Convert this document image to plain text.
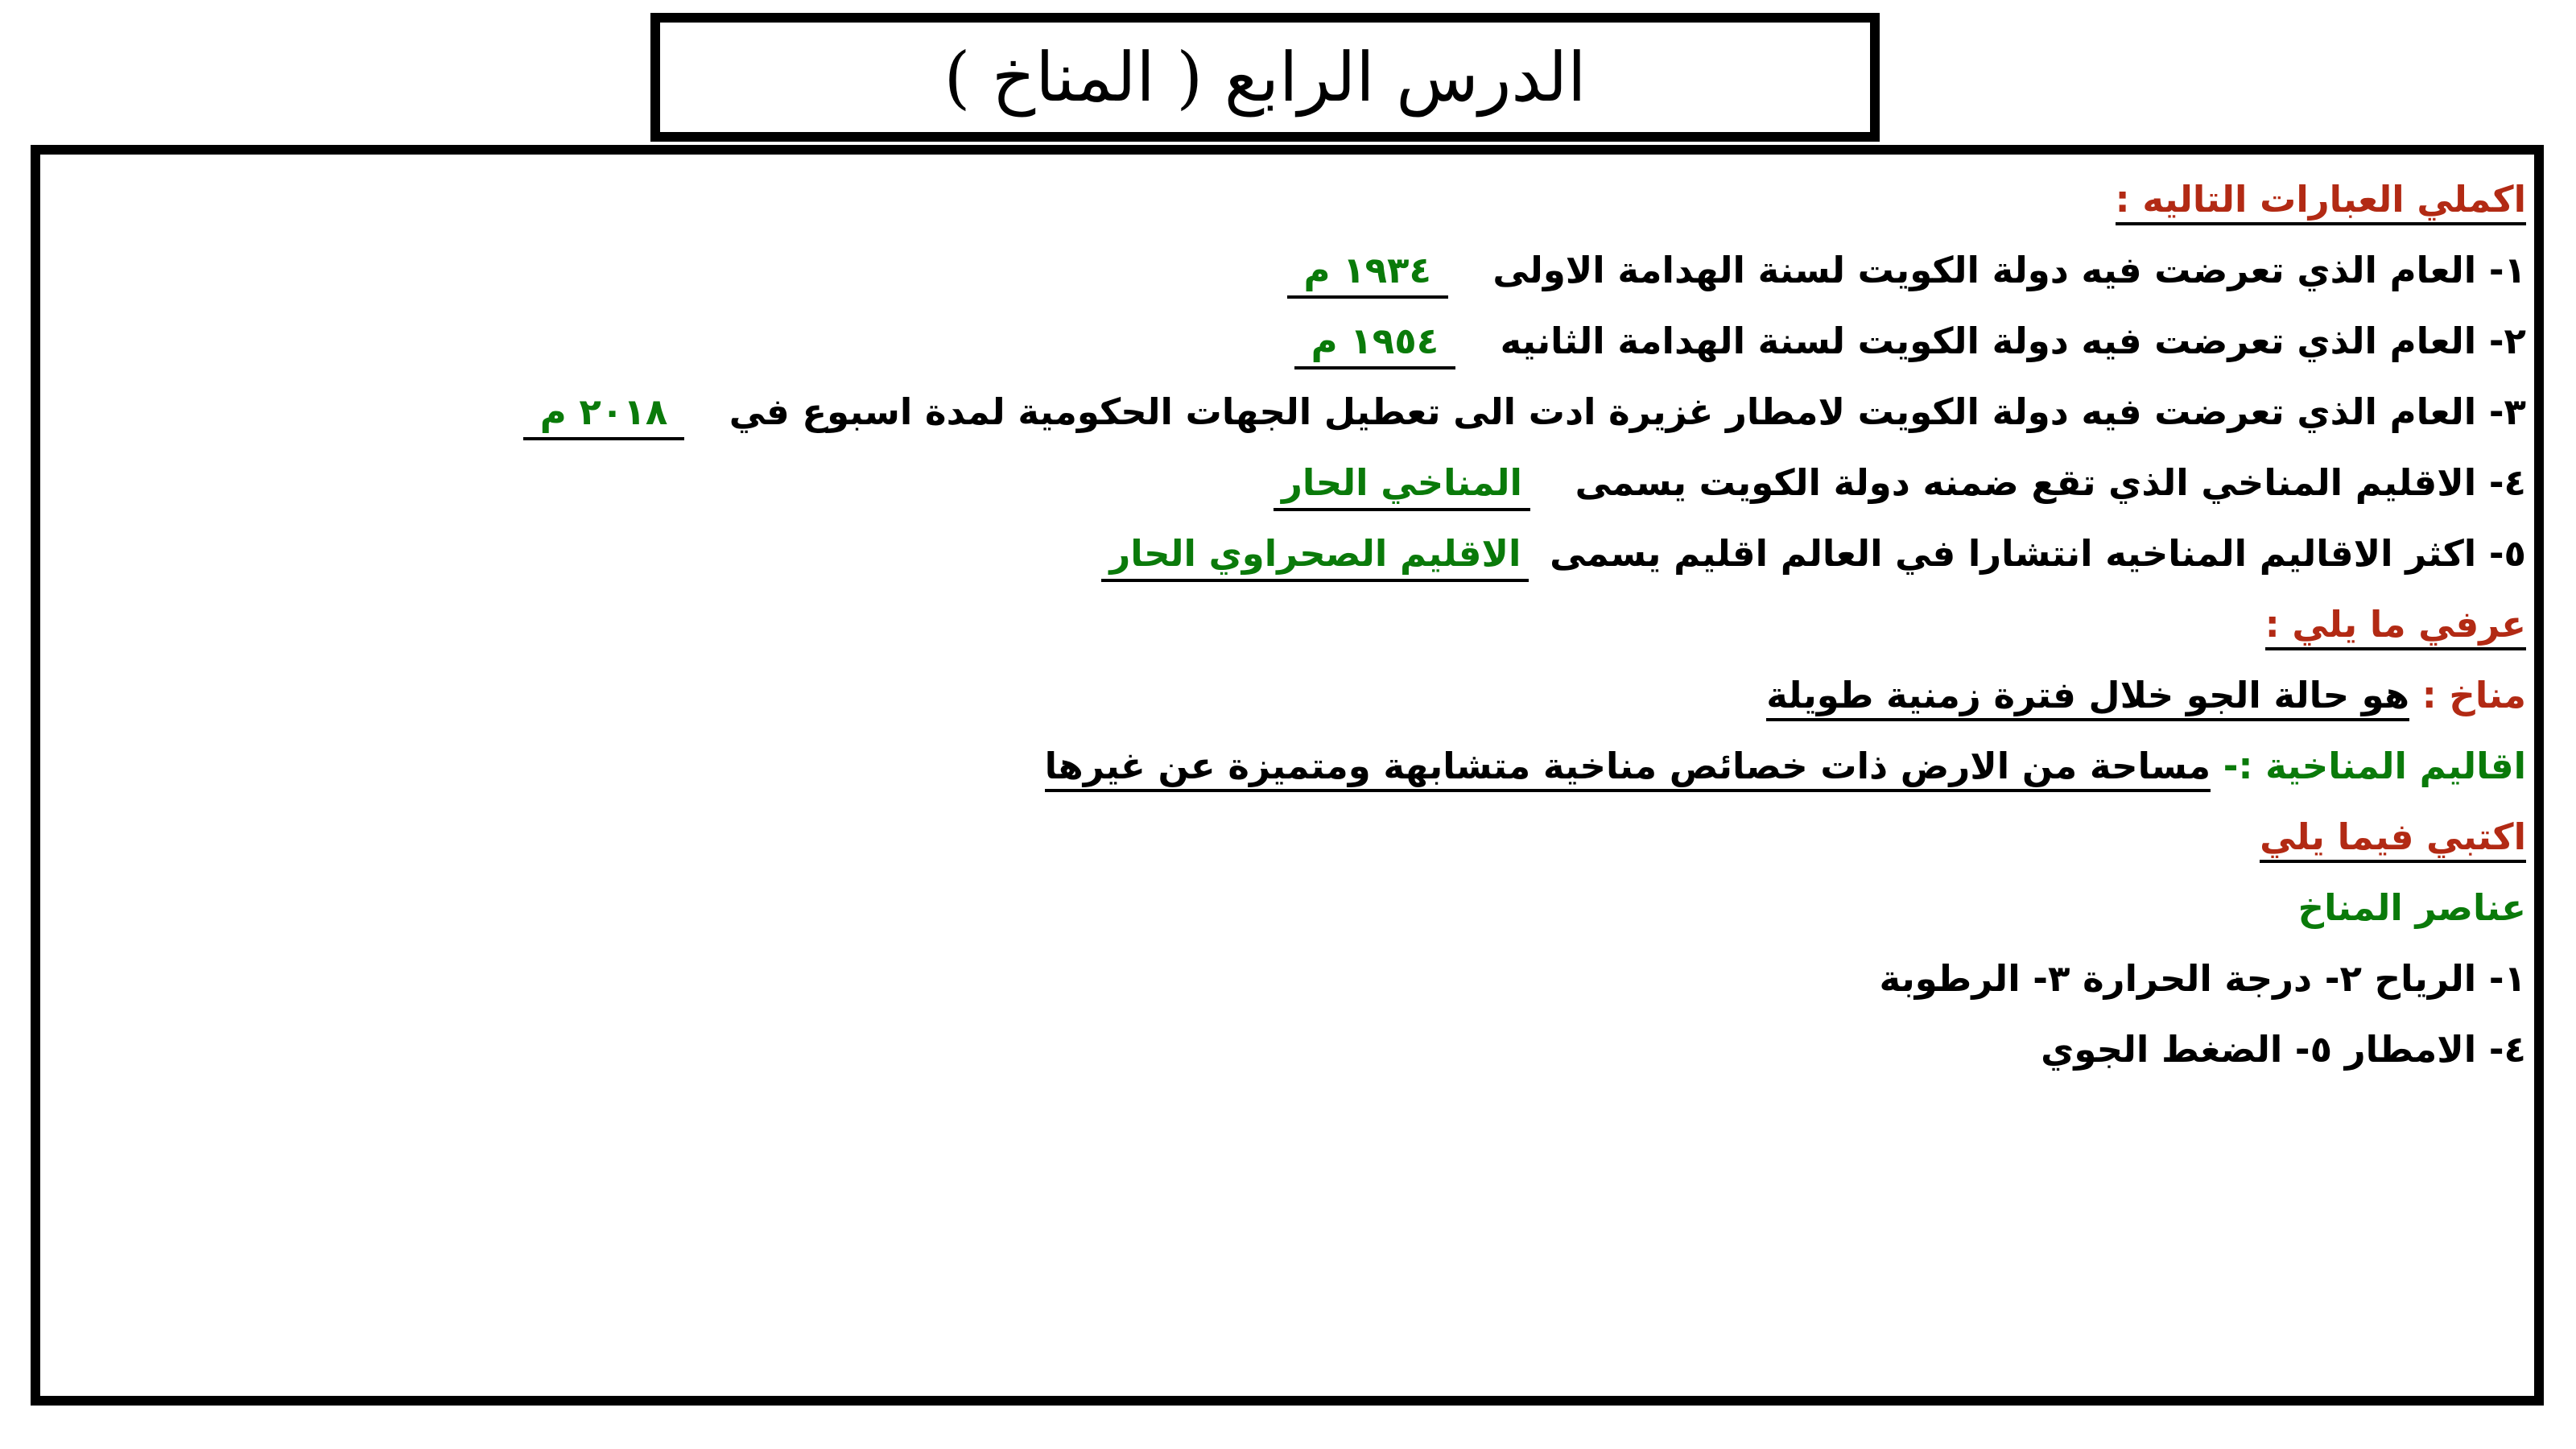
الدرس الرابع ( المناخ )
اكملي العبارات التاليه :
١- العام الذي تعرضت فيه دولة الكويت لسنة الهدامة الاولى ١٩٣٤ م
٢- العام الذي تعرضت فيه دولة الكويت لسنة الهدامة الثانيه ١٩٥٤ م
٣- العام الذي تعرضت فيه دولة الكويت لامطار غزيرة ادت الى تعطيل الجهات الحكومية لمدة اسبوع في ٢٠١٨ م
٤- الاقليم المناخي الذي تقع ضمنه دولة الكويت يسمى المناخي الحار
٥- اكثر الاقاليم المناخيه انتشارا في العالم اقليم يسمى الاقليم الصحراوي الحار
عرفي ما يلي :
مناخ : هو حالة الجو خلال فترة زمنية طويلة
اقاليم المناخية :- مساحة من الارض ذات خصائص مناخية متشابهة ومتميزة عن غيرها
اكتبي فيما يلي
عناصر المناخ
١- الرياح ٢- درجة الحرارة ٣- الرطوبة
٤- الامطار ٥- الضغط الجوي
